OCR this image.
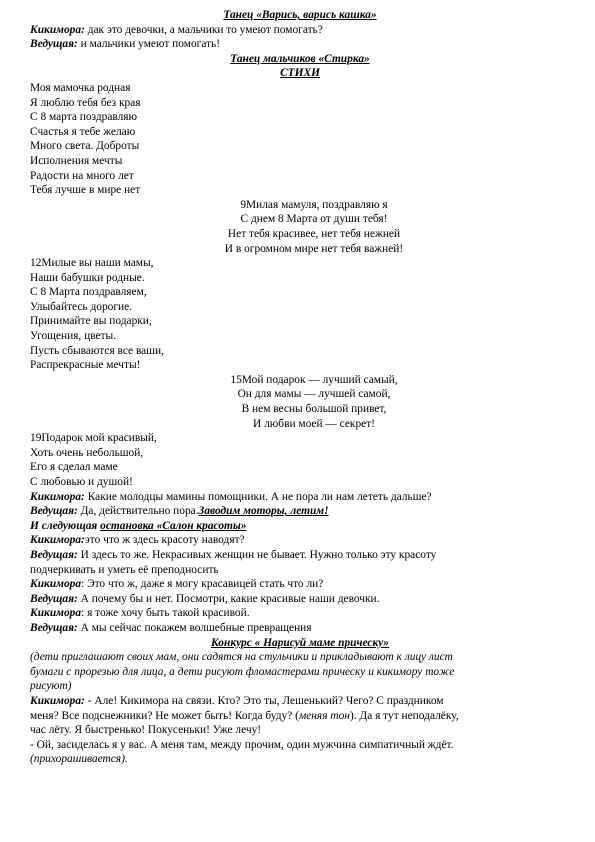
Танец «Варись, варись кашка»
Кикимора: дак это девочки, а мальчики то умеют помогать?
Ведущая: и мальчики умеют помогать!
Танец мальчиков «Стирка»
СТИХИ
Моя мамочка родная
Я люблю тебя без края
С 8 марта поздравляю
Счастья я тебе желаю
Много света. Доброты
Исполнения мечты
Радости на много лет
Тебя лучше в мире нет
9Милая мамуля, поздравляю я
С днем 8 Марта от души тебя!
Нет тебя красивее, нет тебя нежней
И в огромном мире нет тебя важней!
12Милые вы наши мамы,
Наши бабушки родные.
С 8 Марта поздравляем,
Улыбайтесь дорогие.
Принимайте вы подарки,
Угощения, цветы.
Пусть сбываются все ваши,
Распрекрасные мечты!
15Мой подарок — лучший самый,
Он для мамы — лучшей самой,
В нем весны большой привет,
И любви моей — секрет!
19Подарок мой красивый,
Хоть очень небольшой,
Его я сделал маме
С любовью и душой!
Кикимора: Какие молодцы мамины помощники. А не пора ли нам лететь дальше?
Ведущая: Да, действительно пора.Заводим моторы, летим!
И следующая остановка «Салон красоты»
Кикимора:это что ж здесь красоту наводят?
Ведущая: И здесь то же. Некрасивых женщин не бывает. Нужно только эту красоту
подчеркивать и уметь её преподносить
Кикимора: Это что ж, даже я могу красавицей стать что ли?
Ведущая: А почему бы и нет. Посмотри, какие красивые наши девочки.
Кикимора: я тоже хочу быть такой красивой.
Ведущая: А мы сейчас покажем волшебные превращения
Конкурс « Нарисуй маме прическу»
(дети приглашают своих мам, они садятся на стульчики и прикладывают к лицу лист
бумаги с прорезью для лица, а дети рисуют фломастерами прическу и кикимору тоже
рисуют)
Кикимора: - Але! Кикимора на связи. Кто? Это ты, Лешенький? Чего? С праздником
меня? Все подснежники? Не может быть! Когда буду? (меняя тон). Да я тут неподалёку,
час лёту. Я быстренько! Покусеньки! Уже лечу!
- Ой, засиделась я у вас. А меня там, между прочим, один мужчина симпатичный ждёт.
(прихорашивается).
